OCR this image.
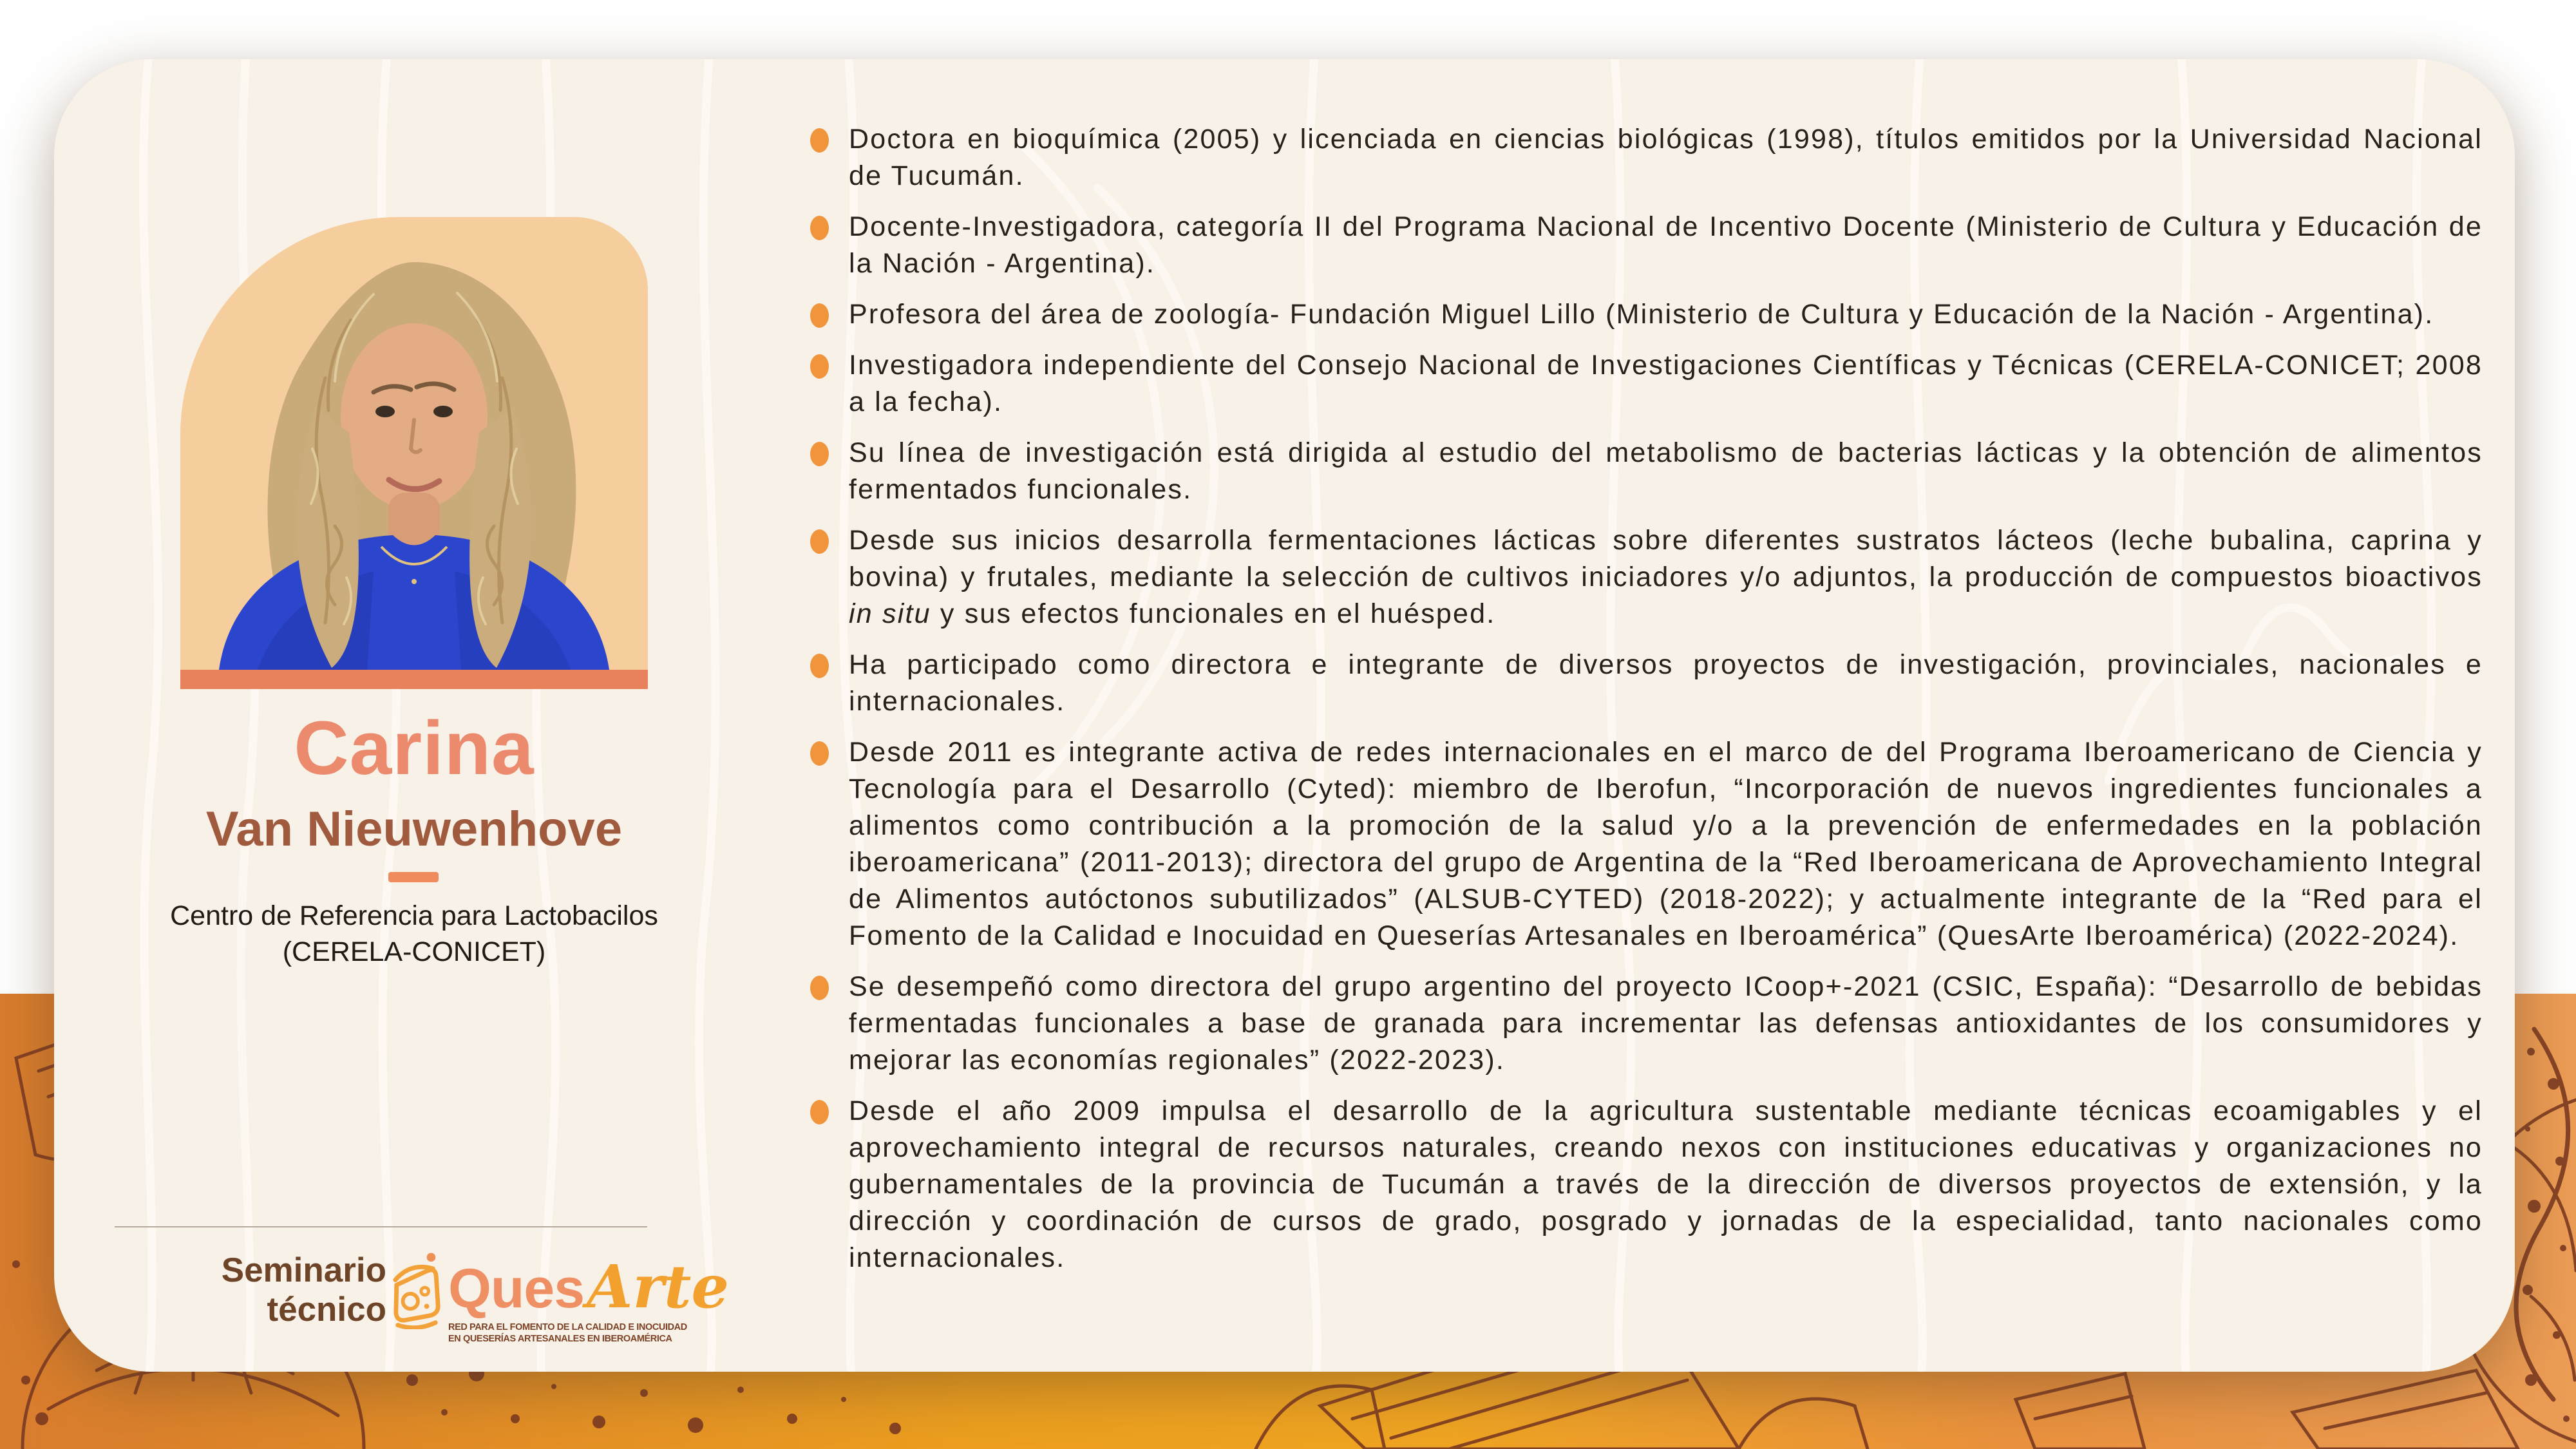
Carina
Van Nieuwenhove
Centro de Referencia para Lactobacilos
(CERELA-CONICET)
Seminario
técnico Ques Arte
RED PARA EL FOMENTO DE LA CALIDAD E INOCUIDAD
EN QUESERÍAS ARTESANALES EN IBEROAMÉRICA
Doctora en bioquímica (2005) y licenciada en ciencias biológicas (1998), títulos emitidos por la Universidad Nacional de Tucumán.
Docente-Investigadora, categoría II del Programa Nacional de Incentivo Docente (Ministerio de Cultura y Educación de la Nación - Argentina).
Profesora del área de zoología- Fundación Miguel Lillo (Ministerio de Cultura y Educación de la Nación - Argentina).
Investigadora independiente del Consejo Nacional de Investigaciones Científicas y Técnicas (CERELA-CONICET; 2008 a la fecha).
Su línea de investigación está dirigida al estudio del metabolismo de bacterias lácticas y la obtención de alimentos fermentados funcionales.
Desde sus inicios desarrolla fermentaciones lácticas sobre diferentes sustratos lácteos (leche bubalina, caprina y bovina) y frutales, mediante la selección de cultivos iniciadores y/o adjuntos, la producción de compuestos bioactivos in situ y sus efectos funcionales en el huésped.
Ha participado como directora e integrante de diversos proyectos de investigación, provinciales, nacionales e internacionales.
Desde 2011 es integrante activa de redes internacionales en el marco de del Programa Iberoamericano de Ciencia y Tecnología para el Desarrollo (Cyted): miembro de Iberofun, “Incorporación de nuevos ingredientes funcionales a alimentos como contribución a la promoción de la salud y/o a la prevención de enfermedades en la población iberoamericana” (2011-2013); directora del grupo de Argentina de la “Red Iberoamericana de Aprovechamiento Integral de Alimentos autóctonos subutilizados” (ALSUB-CYTED) (2018-2022); y actualmente integrante de la “Red para el Fomento de la Calidad e Inocuidad en Queserías Artesanales en Iberoamérica” (QuesArte Iberoamérica) (2022-2024).
Se desempeñó como directora del grupo argentino del proyecto ICoop+-2021 (CSIC, España): “Desarrollo de bebidas fermentadas funcionales a base de granada para incrementar las defensas antioxidantes de los consumidores y mejorar las economías regionales” (2022-2023).
Desde el año 2009 impulsa el desarrollo de la agricultura sustentable mediante técnicas ecoamigables y el aprovechamiento integral de recursos naturales, creando nexos con instituciones educativas y organizaciones no gubernamentales de la provincia de Tucumán a través de la dirección de diversos proyectos de extensión, y la dirección y coordinación de cursos de grado, posgrado y jornadas de la especialidad, tanto nacionales como internacionales.
